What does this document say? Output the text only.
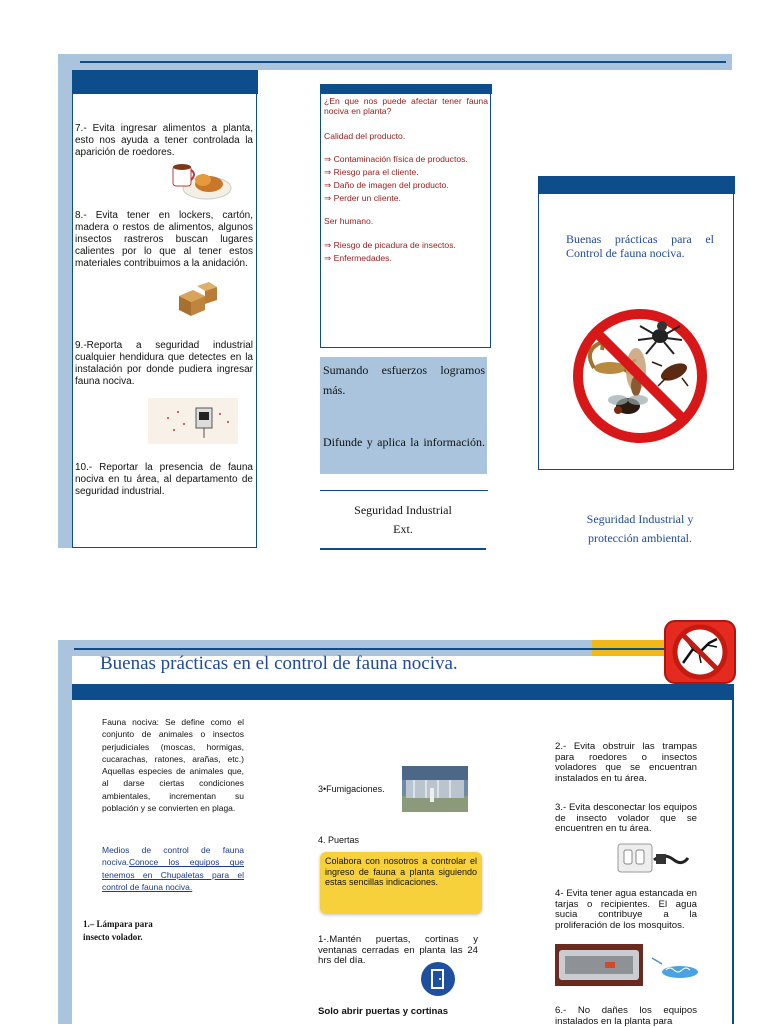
7.- Evita ingresar alimentos a planta, esto nos ayuda a tener controlada la aparición de roedores.
8.- Evita tener en lockers, cartón, madera o restos de alimentos, algunos insectos rastreros buscan lugares calientes por lo que al tener estos materiales contribuimos a la anidación.
9.-Reporta a seguridad industrial cualquier hendidura que detectes en la instalación por donde pudiera ingresar fauna nociva.
10.- Reportar la presencia de fauna nociva en tu área, al departamento de seguridad industrial.
¿En que nos puede afectar tener fauna nociva en planta?
Calidad del producto.
⇒ Contaminación física de productos.
⇒ Riesgo para el cliente.
⇒ Daño de imagen del producto.
⇒ Perder un cliente.
Ser humano.
⇒ Riesgo de picadura de insectos.
⇒ Enfermedades.
Sumando esfuerzos logramos más.
Difunde y aplica la información.
Seguridad Industrial
Ext.
Buenas prácticas para el Control de fauna nociva.
Seguridad Industrial y protección ambiental.
Buenas prácticas en el control de fauna nociva.
Fauna nociva: Se define como el conjunto de animales o insectos perjudiciales (moscas, hormigas, cucarachas, ratones, arañas, etc.) Aquellas especies de animales que, al darse ciertas condiciones ambientales, incrementan su población y se convierten en plaga.
Medios de control de fauna nociva.Conoce los equipos que tenemos en Chupaletas para el control de fauna nociva.
1.– Lámpara para
insecto volador.
3•Fumigaciones.
4. Puertas
Colabora con nosotros a controlar el ingreso de fauna a planta siguiendo estas sencillas indicaciones.
1-.Mantén puertas, cortinas y ventanas cerradas en planta las 24 hrs del día.
Solo abrir puertas y cortinas
2.- Evita obstruir las trampas para roedores o insectos voladores que se encuentran instalados en tu área.
3.- Evita desconectar los equipos de insecto volador que se encuentren en tu área.
4- Evita tener agua estancada en tarjas o recipientes. El agua sucia contribuye a la proliferación de los mosquitos.
6.- No dañes los equipos instalados en la planta para
